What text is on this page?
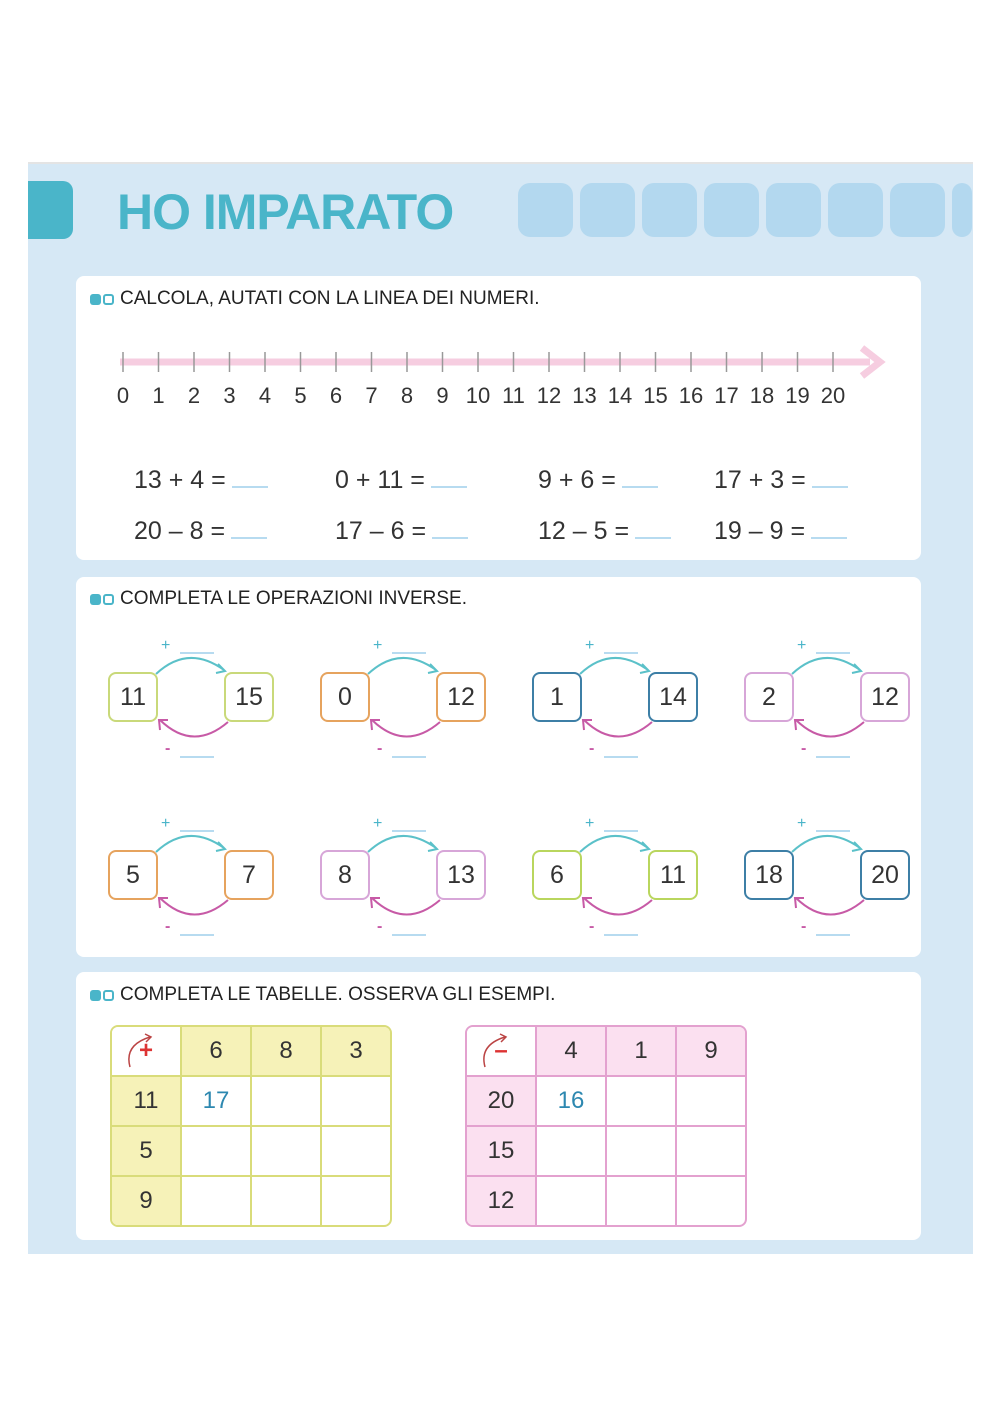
HO IMPARATO
CALCOLA, AUTATI CON LA LINEA DEI NUMERI.
0 1 2 3 4 5 6 7 8 9 10 11 12 13 14 15 16 17 18 19 20
13 + 4 =	0 + 11 =	9 + 6 =	17 + 3 =
20 – 8 =	17 – 6 =	12 – 5 =	19 – 9 =
COMPLETA LE OPERAZIONI INVERSE.
+
11	15
-
+
0	12
-
+
1	14
-
+
2	12
-
+
5	7
-
+
8	13
-
+
6	11
-
+
18	20
-
COMPLETA LE TABELLE. OSSERVA GLI ESEMPI.
+	6	8	3
11	17		
5			
9			
–	4	1	9
20	16		
15			
12			
